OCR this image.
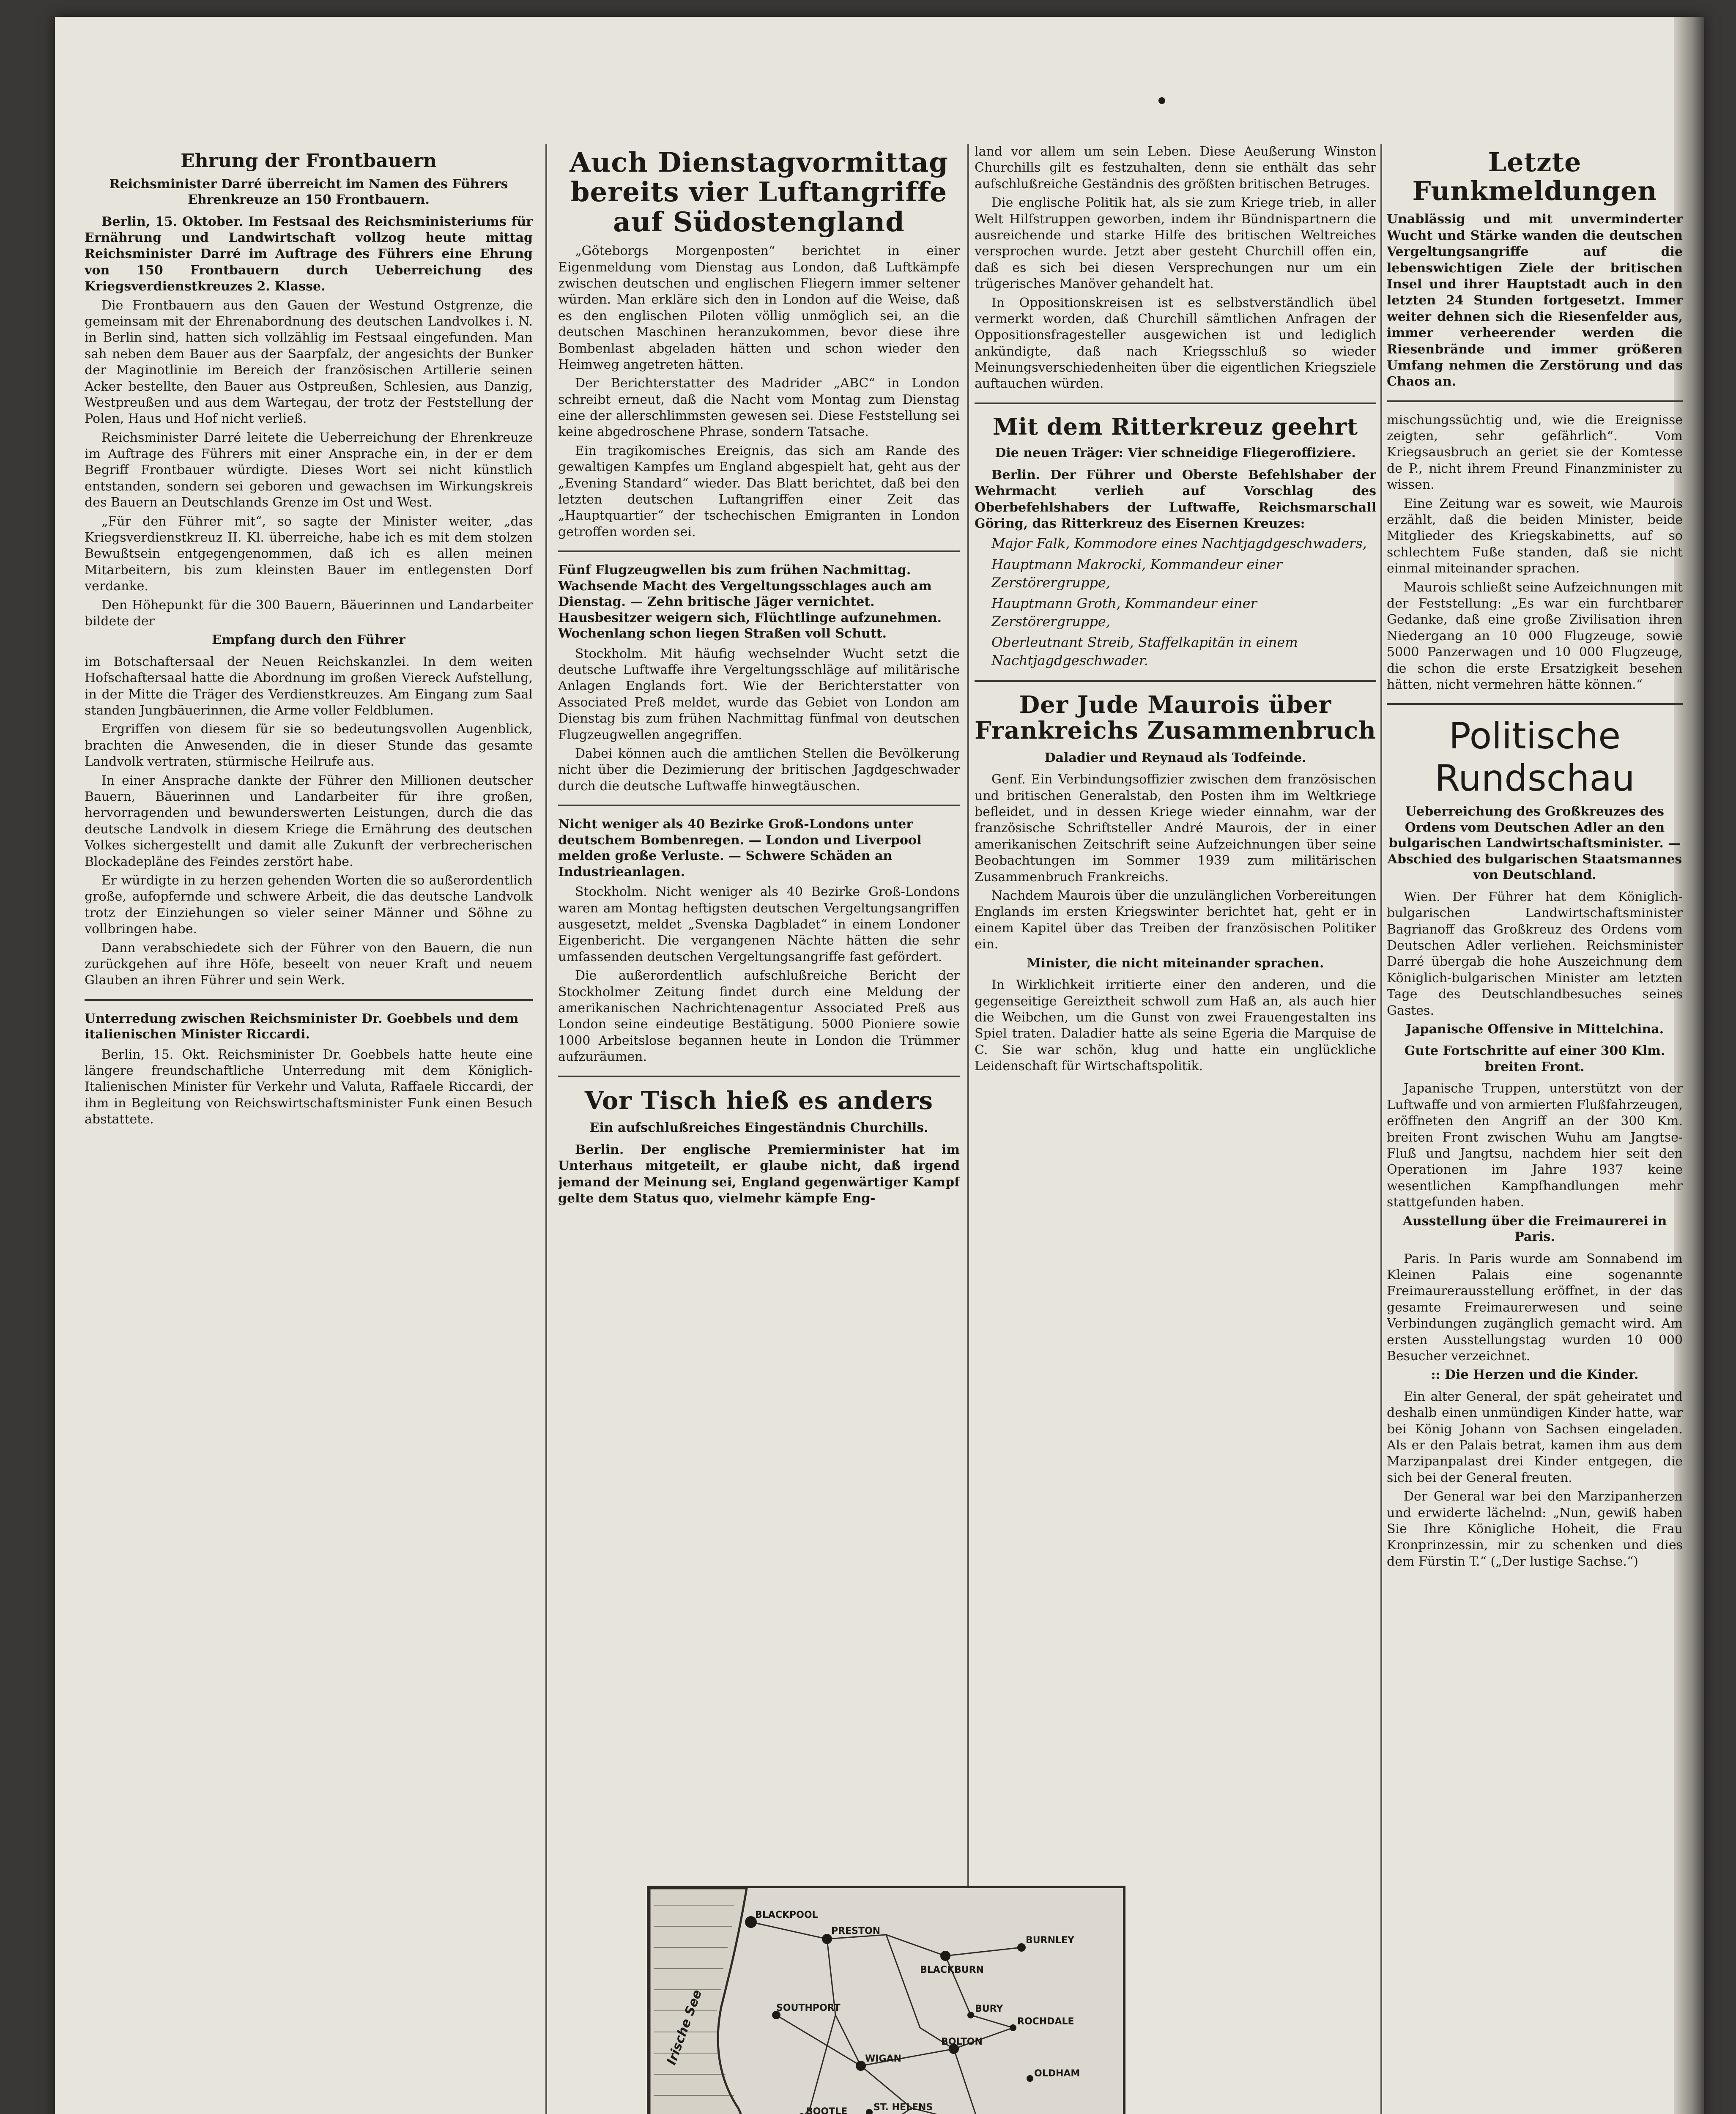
Ehrung der Frontbauern
Reichsminister Darré überreicht im Namen des Führers Ehrenkreuze an 150 Frontbauern.

Berlin, 15. Oktober. Im Festsaal des Reichsministeriums für Ernährung und Landwirtschaft vollzog heute mittag Reichsminister Darré im Auftrage des Führers eine Ehrung von 150 Frontbauern durch Ueberreichung des Kriegsverdienstkreuzes 2. Klasse.

Die Frontbauern aus den Gauen der Westund Ostgrenze, die gemeinsam mit der Ehrenabordnung des deutschen Landvolkes i. N. in Berlin sind, hatten sich vollzählig im Festsaal eingefunden. Man sah neben dem Bauer aus der Saarpfalz, der angesichts der Bunker der Maginotlinie im Bereich der französischen Artillerie seinen Acker bestellte, den Bauer aus Ostpreußen, Schlesien, aus Danzig, Westpreußen und aus dem Wartegau, der trotz der Feststellung der Polen, Haus und Hof nicht verließ.

Reichsminister Darré leitete die Ueberreichung der Ehrenkreuze im Auftrage des Führers mit einer Ansprache ein, in der er dem Begriff Frontbauer würdigte. Dieses Wort sei nicht künstlich entstanden, sondern sei geboren und gewachsen im Wirkungskreis des Bauern an Deutschlands Grenze im Ost und West.

„Für den Führer mit“, so sagte der Minister weiter, „das Kriegsverdienstkreuz II. Kl. überreiche, habe ich es mit dem stolzen Bewußtsein entgegengenommen, daß ich es allen meinen Mitarbeitern, bis zum kleinsten Bauer im entlegensten Dorf verdanke.

Den Höhepunkt für die 300 Bauern, Bäuerinnen und Landarbeiter bildete der

Empfang durch den Führer

im Botschaftersaal der Neuen Reichskanzlei. In dem weiten Hofschaftersaal hatte die Abordnung im großen Viereck Aufstellung, in der Mitte die Träger des Verdienstkreuzes. Am Eingang zum Saal standen Jungbäuerinnen, die Arme voller Feldblumen.

Ergriffen von diesem für sie so bedeutungsvollen Augenblick, brachten die Anwesenden, die in dieser Stunde das gesamte Landvolk vertraten, stürmische Heilrufe aus.

In einer Ansprache dankte der Führer den Millionen deutscher Bauern, Bäuerinnen und Landarbeiter für ihre großen, hervorragenden und bewunderswerten Leistungen, durch die das deutsche Landvolk in diesem Kriege die Ernährung des deutschen Volkes sichergestellt und damit alle Zukunft der verbrecherischen Blockadepläne des Feindes zerstört habe.

Er würdigte in zu herzen gehenden Worten die so außerordentlich große, aufopfernde und schwere Arbeit, die das deutsche Landvolk trotz der Einziehungen so vieler seiner Männer und Söhne zu vollbringen habe.

Dann verabschiedete sich der Führer von den Bauern, die nun zurückgehen auf ihre Höfe, beseelt von neuer Kraft und neuem Glauben an ihren Führer und sein Werk.

Unterredung zwischen Reichsminister Dr. Goebbels und dem italienischen Minister Riccardi.

Berlin, 15. Okt. Reichsminister Dr. Goebbels hatte heute eine längere freundschaftliche Unterredung mit dem Königlich-Italienischen Minister für Verkehr und Valuta, Raffaele Riccardi, der ihm in Begleitung von Reichswirtschaftsminister Funk einen Besuch abstattete.

Auch Dienstagvormittag bereits vier Luftangriffe auf Südostengland

„Göteborgs Morgenposten“ berichtet in einer Eigenmeldung vom Dienstag aus London, daß Luftkämpfe zwischen deutschen und englischen Fliegern immer seltener würden. Man erkläre sich den in London auf die Weise, daß es den englischen Piloten völlig unmöglich sei, an die deutschen Maschinen heranzukommen, bevor diese ihre Bombenlast abgeladen hätten und schon wieder den Heimweg angetreten hätten.

Der Berichterstatter des Madrider „ABC“ in London schreibt erneut, daß die Nacht vom Montag zum Dienstag eine der allerschlimmsten gewesen sei. Diese Feststellung sei keine abgedroschene Phrase, sondern Tatsache.

Ein tragikomisches Ereignis, das sich am Rande des gewaltigen Kampfes um England abgespielt hat, geht aus der „Evening Standard“ wieder. Das Blatt berichtet, daß bei den letzten deutschen Luftangriffen einer Zeit das „Hauptquartier“ der tschechischen Emigranten in London getroffen worden sei.

Fünf Flugzeugwellen bis zum frühen Nachmittag. Wachsende Macht des Vergeltungsschlages auch am Dienstag. — Zehn britische Jäger vernichtet. Hausbesitzer weigern sich, Flüchtlinge aufzunehmen. Wochenlang schon liegen Straßen voll Schutt.

Stockholm. Mit häufig wechselnder Wucht setzt die deutsche Luftwaffe ihre Vergeltungsschläge auf militärische Anlagen Englands fort. Wie der Berichterstatter von Associated Preß meldet, wurde das Gebiet von London am Dienstag bis zum frühen Nachmittag fünfmal von deutschen Flugzeugwellen angegriffen.

Dabei können auch die amtlichen Stellen die Bevölkerung nicht über die Dezimierung der britischen Jagdgeschwader durch die deutsche Luftwaffe hinwegtäuschen.

Nicht weniger als 40 Bezirke Groß-Londons unter deutschem Bombenregen. — London und Liverpool melden große Verluste. — Schwere Schäden an Industrieanlagen.

Stockholm. Nicht weniger als 40 Bezirke Groß-Londons waren am Montag heftigsten deutschen Vergeltungsangriffen ausgesetzt, meldet „Svenska Dagbladet“ in einem Londoner Eigenbericht. Die vergangenen Nächte hätten die sehr umfassenden deutschen Vergeltungsangriffe fast gefördert.

Die außerordentlich aufschlußreiche Bericht der Stockholmer Zeitung findet durch eine Meldung der amerikanischen Nachrichtenagentur Associated Preß aus London seine eindeutige Bestätigung. 5000 Pioniere sowie 1000 Arbeitslose begannen heute in London die Trümmer aufzuräumen.

Vor Tisch hieß es anders
Ein aufschlußreiches Eingeständnis Churchills.

Berlin. Der englische Premierminister hat im Unterhaus mitgeteilt, er glaube nicht, daß irgend jemand der Meinung sei, England gegenwärtiger Kampf gelte dem Status quo, vielmehr kämpfe Eng-

land vor allem um sein Leben. Diese Aeußerung Winston Churchills gilt es festzuhalten, denn sie enthält das sehr aufschlußreiche Geständnis des größten britischen Betruges.

Die englische Politik hat, als sie zum Kriege trieb, in aller Welt Hilfstruppen geworben, indem ihr Bündnispartnern die ausreichende und starke Hilfe des britischen Weltreiches versprochen wurde. Jetzt aber gesteht Churchill offen ein, daß es sich bei diesen Versprechungen nur um ein trügerisches Manöver gehandelt hat.

In Oppositionskreisen ist es selbstverständlich übel vermerkt worden, daß Churchill sämtlichen Anfragen der Oppositionsfragesteller ausgewichen ist und lediglich ankündigte, daß nach Kriegsschluß so wieder Meinungsverschiedenheiten über die eigentlichen Kriegsziele auftauchen würden.

Mit dem Ritterkreuz geehrt
Die neuen Träger: Vier schneidige Fliegeroffiziere.

Berlin. Der Führer und Oberste Befehlshaber der Wehrmacht verlieh auf Vorschlag des Oberbefehlshabers der Luftwaffe, Reichsmarschall Göring, das Ritterkreuz des Eisernen Kreuzes:

Major Falk, Kommodore eines Nachtjagdgeschwaders,
Hauptmann Makrocki, Kommandeur einer Zerstörergruppe,
Hauptmann Groth, Kommandeur einer Zerstörergruppe,
Oberleutnant Streib, Staffelkapitän in einem Nachtjagdgeschwader.
Der Jude Maurois über Frankreichs Zusammenbruch
Daladier und Reynaud als Todfeinde.

Genf. Ein Verbindungsoffizier zwischen dem französischen und britischen Generalstab, den Posten ihm im Weltkriege befleidet, und in dessen Kriege wieder einnahm, war der französische Schriftsteller André Maurois, der in einer amerikanischen Zeitschrift seine Aufzeichnungen über seine Beobachtungen im Sommer 1939 zum militärischen Zusammenbruch Frankreichs.

Nachdem Maurois über die unzulänglichen Vorbereitungen Englands im ersten Kriegswinter berichtet hat, geht er in einem Kapitel über das Treiben der französischen Politiker ein.

Minister, die nicht miteinander sprachen.

In Wirklichkeit irritierte einer den anderen, und die gegenseitige Gereiztheit schwoll zum Haß an, als auch hier die Weibchen, um die Gunst von zwei Frauengestalten ins Spiel traten. Daladier hatte als seine Egeria die Marquise de C. Sie war schön, klug und hatte ein unglückliche Leidenschaft für Wirtschaftspolitik.

Letzte Funkmeldungen

Unablässig und mit unverminderter Wucht und Stärke wanden die deutschen Vergeltungsangriffe auf die lebenswichtigen Ziele der britischen Insel und ihrer Hauptstadt auch in den letzten 24 Stunden fortgesetzt. Immer weiter dehnen sich die Riesenfelder aus, immer verheerender werden die Riesenbrände und immer größeren Umfang nehmen die Zerstörung und das Chaos an.

mischungssüchtig und, wie die Ereignisse zeigten, sehr gefährlich“. Vom Kriegsausbruch an geriet sie der Komtesse de P., nicht ihrem Freund Finanzminister zu wissen.

Eine Zeitung war es soweit, wie Maurois erzählt, daß die beiden Minister, beide Mitglieder des Kriegskabinetts, auf so schlechtem Fuße standen, daß sie nicht einmal miteinander sprachen.

Maurois schließt seine Aufzeichnungen mit der Feststellung: „Es war ein furchtbarer Gedanke, daß eine große Zivilisation ihren Niedergang an 10 000 Flugzeuge, sowie 5000 Panzerwagen und 10 000 Flugzeuge, die schon die erste Ersatzigkeit besehen hätten, nicht vermehren hätte können.“

Politische Rundschau
Ueberreichung des Großkreuzes des Ordens vom Deutschen Adler an den bulgarischen Landwirtschaftsminister. — Abschied des bulgarischen Staatsmannes von Deutschland.

Wien. Der Führer hat dem Königlich-bulgarischen Landwirtschaftsminister Bagrianoff das Großkreuz des Ordens vom Deutschen Adler verliehen. Reichsminister Darré übergab die hohe Auszeichnung dem Königlich-bulgarischen Minister am letzten Tage des Deutschlandbesuches seines Gastes.

Japanische Offensive in Mittelchina.
Gute Fortschritte auf einer 300 Klm. breiten Front.

Japanische Truppen, unterstützt von der Luftwaffe und von armierten Flußfahrzeugen, eröffneten den Angriff an der 300 Km. breiten Front zwischen Wuhu am Jangtse-Fluß und Jangtsu, nachdem hier seit den Operationen im Jahre 1937 keine wesentlichen Kampfhandlungen mehr stattgefunden haben.

Ausstellung über die Freimaurerei in Paris.

Paris. In Paris wurde am Sonnabend im Kleinen Palais eine sogenannte Freimaurerausstellung eröffnet, in der das gesamte Freimaurerwesen und seine Verbindungen zugänglich gemacht wird. Am ersten Ausstellungstag wurden 10 000 Besucher verzeichnet.

:: Die Herzen und die Kinder.

Ein alter General, der spät geheiratet und deshalb einen unmündigen Kinder hatte, war bei König Johann von Sachsen eingeladen. Als er den Palais betrat, kamen ihm aus dem Marzipanpalast drei Kinder entgegen, die sich bei der General freuten.

Der General war bei den Marzipanherzen und erwiderte lächelnd: „Nun, gewiß haben Sie Ihre Königliche Hoheit, die Frau Kronprinzessin, mir zu schenken und dies dem Fürstin T.“ („Der lustige Sachse.“)

BLACKPOOL
PRESTON
BLACKBURN
BURNLEY
SOUTHPORT
WIGAN
BOLTON
BURY
ROCHDALE
OLDHAM
BOOTLE	ST. HELENS
Irische See
